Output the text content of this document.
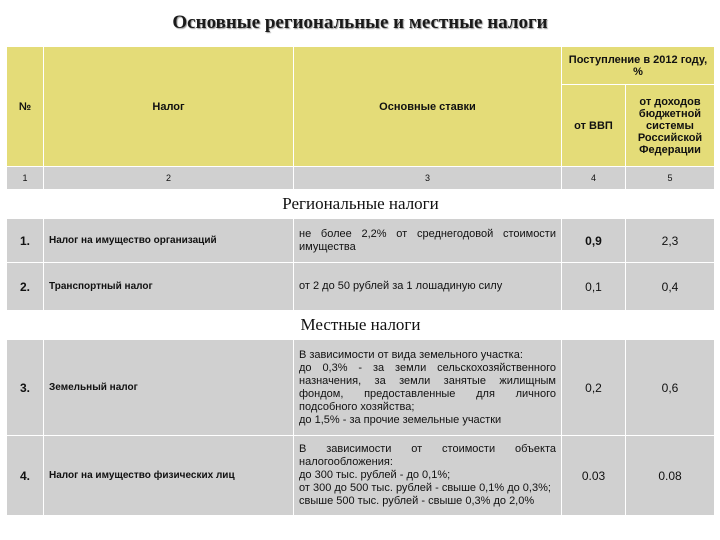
Основные региональные и местные налоги
№	Налог	Основные ставки	Поступление в 2012 году, %	
			от ВВП	от доходов бюджетной системы Российской Федерации
1	2	3	4	5
Региональные налоги				
1.	Налог на имущество организаций	не более 2,2% от среднегодовой стоимости имущества	0,9	2,3
2.	Транспортный налог	от 2 до 50 рублей за 1 лошадиную силу	0,1	0,4
Местные налоги				
3.	Земельный налог	В зависимости от вида земельного участка:
до 0,3% - за земли сельскохозяйственного назначения, за земли занятые жилищным фондом, предоставленные для личного подсобного хозяйства;
до 1,5% - за прочие земельные участки	0,2	0,6
4.	Налог на имущество физических лиц	В зависимости от стоимости объекта налогообложения:
до 300 тыс. рублей - до 0,1%;
от 300 до 500 тыс. рублей - свыше 0,1% до 0,3%;
свыше 500 тыс. рублей - свыше 0,3% до 2,0%	0.03	0.08
